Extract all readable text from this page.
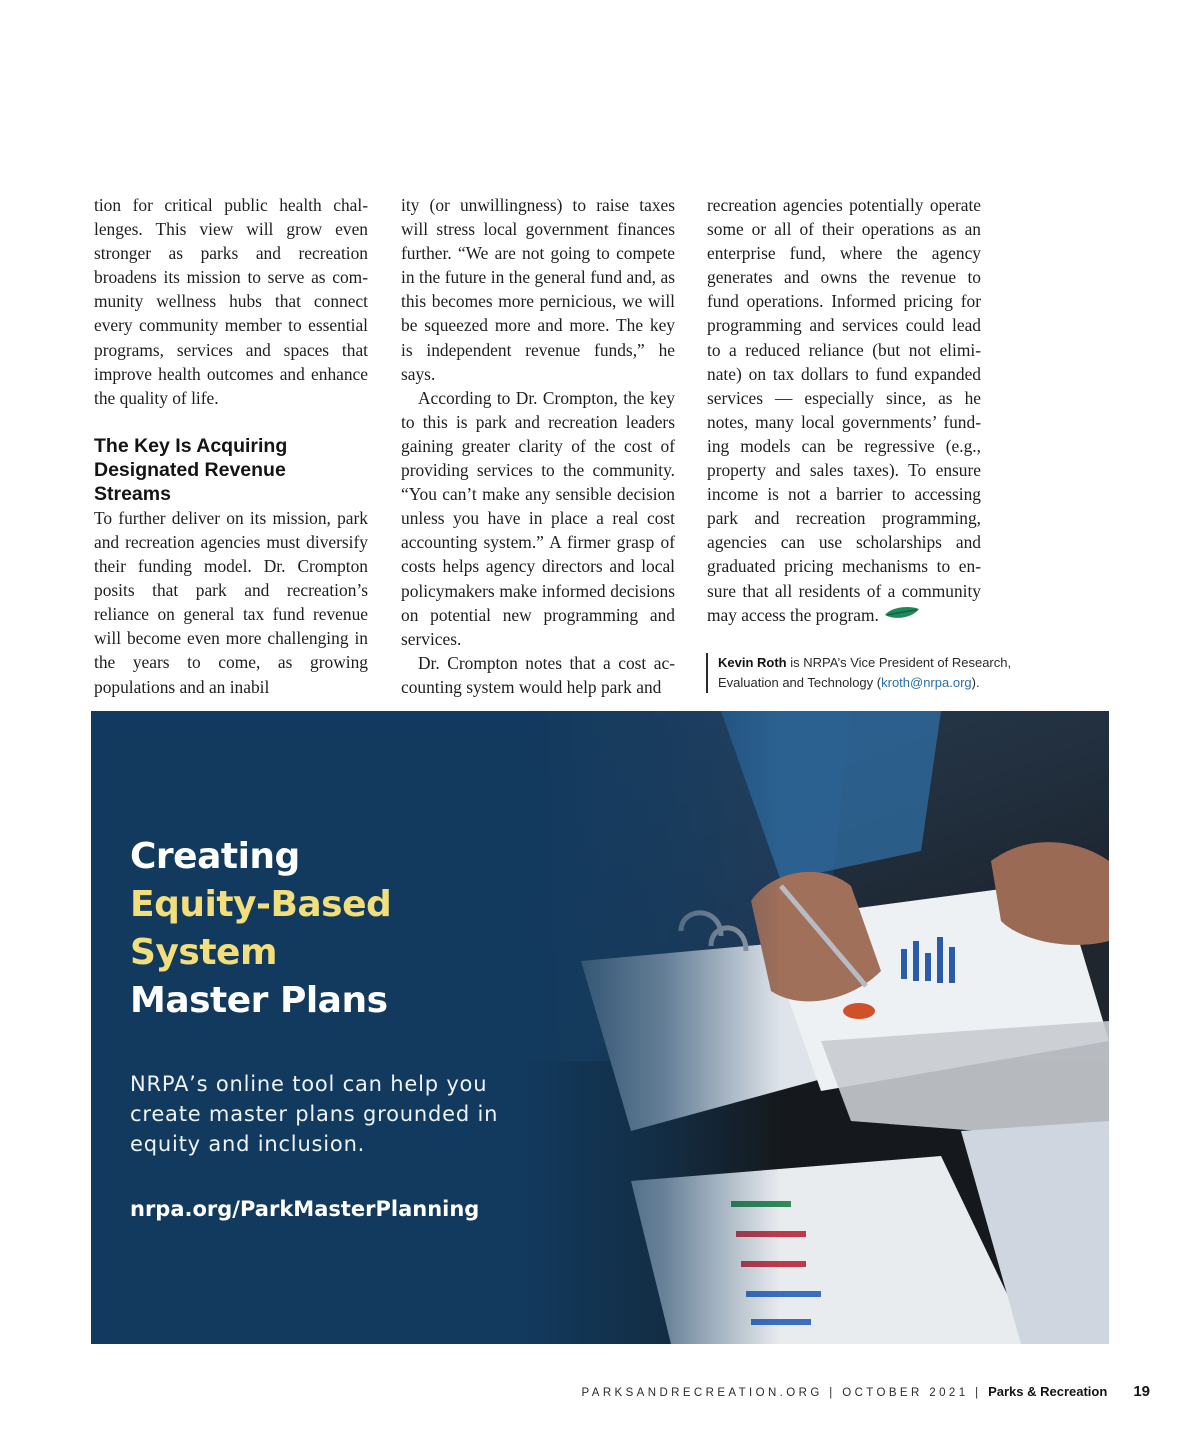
tion for critical public health challenges. This view will grow even stronger as parks and recreation broadens its mission to serve as community wellness hubs that connect every community member to essential programs, services and spaces that improve health outcomes and enhance the quality of life.

The Key Is Acquiring Designated Revenue Streams

To further deliver on its mission, park and recreation agencies must diversify their funding model. Dr. Crompton posits that park and recreation’s reliance on general tax fund revenue will become even more challenging in the years to come, as growing populations and an inabil

ity (or unwillingness) to raise taxes will stress local government finances further. “We are not going to compete in the future in the general fund and, as this becomes more pernicious, we will be squeezed more and more. The key is independent revenue funds,” he says.

According to Dr. Crompton, the key to this is park and recreation leaders gaining greater clarity of the cost of providing services to the community. “You can’t make any sensible decision unless you have in place a real cost accounting system.” A firmer grasp of costs helps agency directors and local policymakers make informed decisions on potential new programming and services.

Dr. Crompton notes that a cost accounting system would help park and

recreation agencies potentially operate some or all of their operations as an enterprise fund, where the agency generates and owns the revenue to fund operations. Informed pricing for programming and services could lead to a reduced reliance (but not eliminate) on tax dollars to fund expanded services — especially since, as he notes, many local governments’ funding models can be regressive (e.g., property and sales taxes). To ensure income is not a barrier to accessing park and recreation programming, agencies can use scholarships and graduated pricing mechanisms to ensure that all residents of a community may access the program.

Kevin Roth is NRPA’s Vice President of Research, Evaluation and Technology (kroth@nrpa.org).
Creating
Equity-Based System
Master Plans
NRPA’s online tool can help you create master plans grounded in equity and inclusion.
nrpa.org/ParkMasterPlanning
PARKSANDRECREATION.ORG | OCTOBER 2021 | Parks & Recreation 19
